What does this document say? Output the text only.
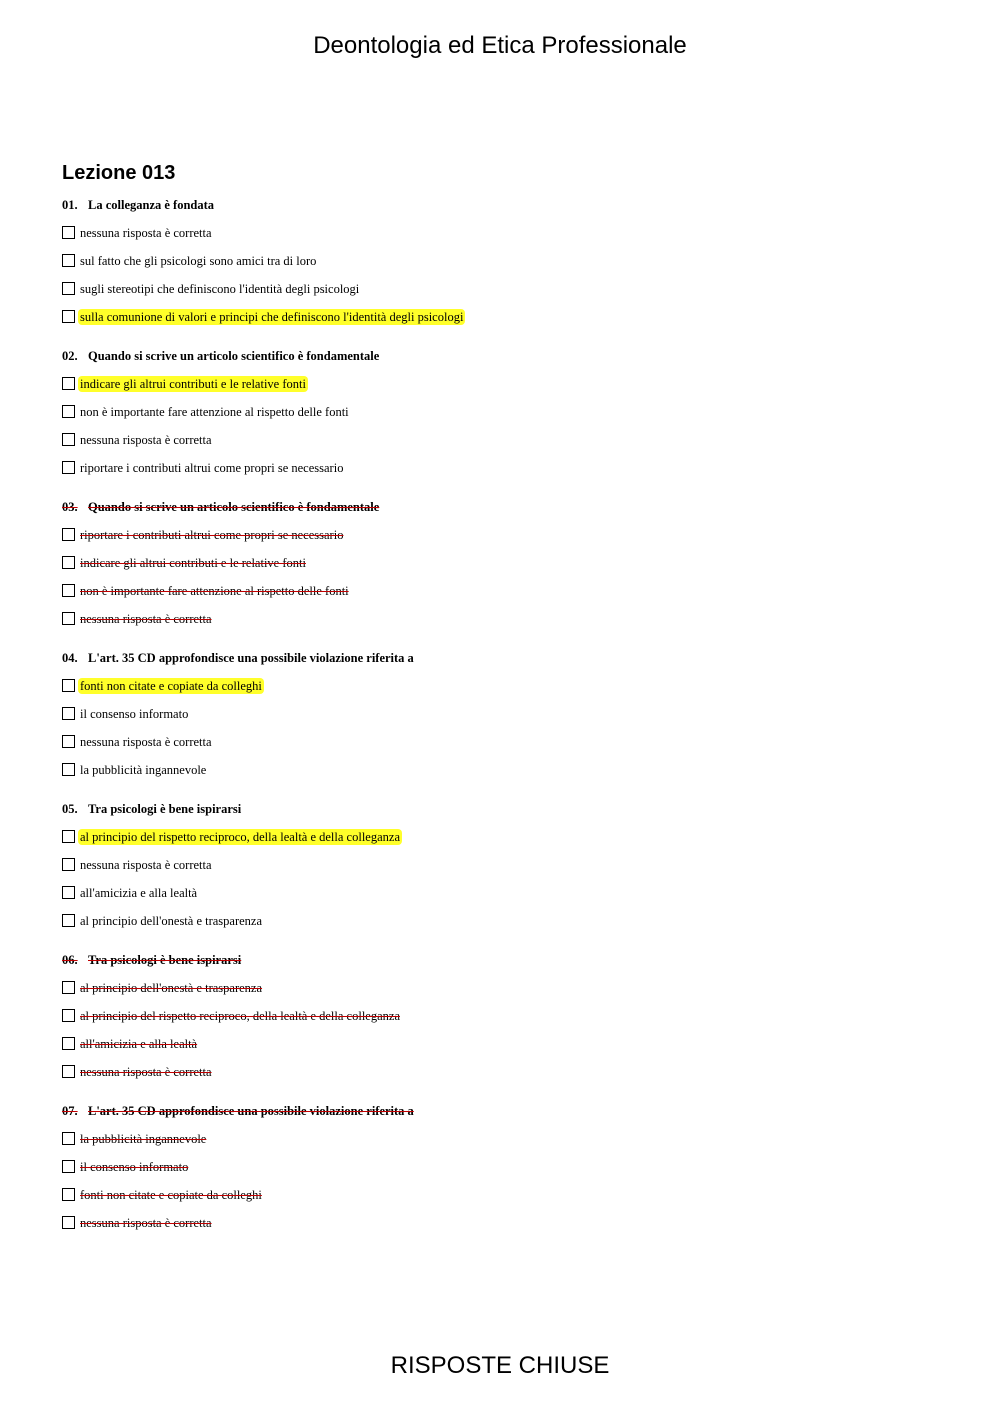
Deontologia ed Etica Professionale
Lezione 013
01. La colleganza è fondata
nessuna risposta è corretta
sul fatto che gli psicologi sono amici tra di loro
sugli stereotipi che definiscono l'identità degli psicologi
sulla comunione di valori e principi che definiscono l'identità degli psicologi
02. Quando si scrive un articolo scientifico è fondamentale
indicare gli altrui contributi e le relative fonti
non è importante fare attenzione al rispetto delle fonti
nessuna risposta è corretta
riportare i contributi altrui come propri se necessario
03. Quando si scrive un articolo scientifico è fondamentale
riportare i contributi altrui come propri se necessario
indicare gli altrui contributi e le relative fonti
non è importante fare attenzione al rispetto delle fonti
nessuna risposta è corretta
04. L'art. 35 CD approfondisce una possibile violazione riferita a
fonti non citate e copiate da colleghi
il consenso informato
nessuna risposta è corretta
la pubblicità ingannevole
05. Tra psicologi è bene ispirarsi
al principio del rispetto reciproco, della lealtà e della colleganza
nessuna risposta è corretta
all'amicizia e alla lealtà
al principio dell'onestà e trasparenza
06. Tra psicologi è bene ispirarsi
al principio dell'onestà e trasparenza
al principio del rispetto reciproco, della lealtà e della colleganza
all'amicizia e alla lealtà
nessuna risposta è corretta
07. L'art. 35 CD approfondisce una possibile violazione riferita a
la pubblicità ingannevole
il consenso informato
fonti non citate e copiate da colleghi
nessuna risposta è corretta
RISPOSTE CHIUSE
